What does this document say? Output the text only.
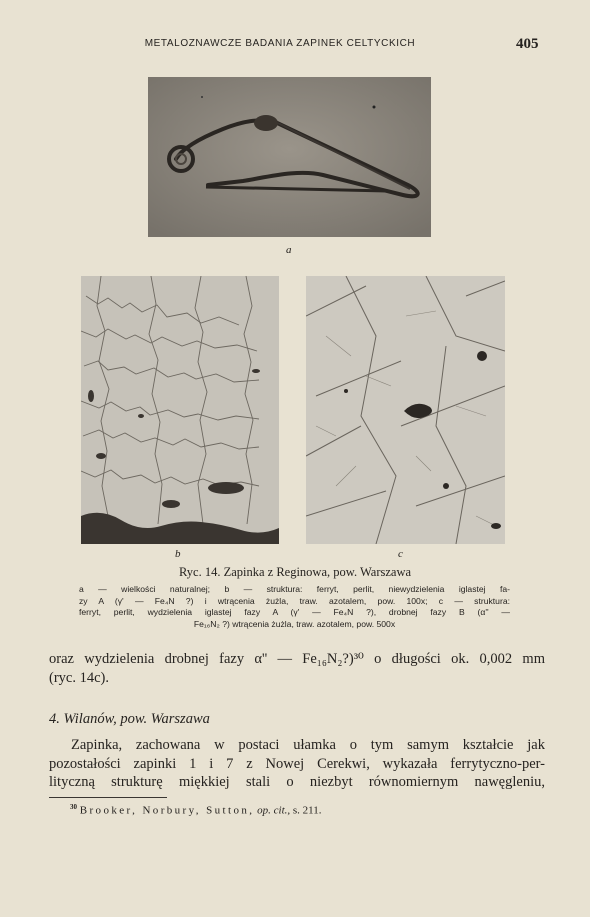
METALOZNAWCZE BADANIA ZAPINEK CELTYCKICH	405
a
b	c
Ryc. 14. Zapinka z Reginowa, pow. Warszawa
a — wielkości naturalnej; b — struktura: ferryt, perlit, niewydzielenia iglastej fa-
zy A (γ' — Fe₄N ?) i wtrącenia żużla, traw. azotalem, pow. 100x; c — struktura:
ferryt, perlit, wydzielenia iglastej fazy A (γ' — Fe₄N ?), drobnej fazy B (α'' —
Fe₁₆N₂ ?) wtrącenia żużla, traw. azotalem, pow. 500x
oraz wydzielenia drobnej fazy α'' — Fe₁₆N₂?)³⁰ o długości ok. 0,002 mm
(ryc. 14c).
4. Wilanów, pow. Warszawa
Zapinka, zachowana w postaci ułamka o tym samym kształcie jak
pozostałości zapinki 1 i 7 z Nowej Cerekwi, wykazała ferrytyczno-per-
lityczną strukturę miękkiej stali o niezbyt równomiernym nawęgleniu,
$^{30}$ Brooker, Norbury, Sutton, op. cit., s. 211.
